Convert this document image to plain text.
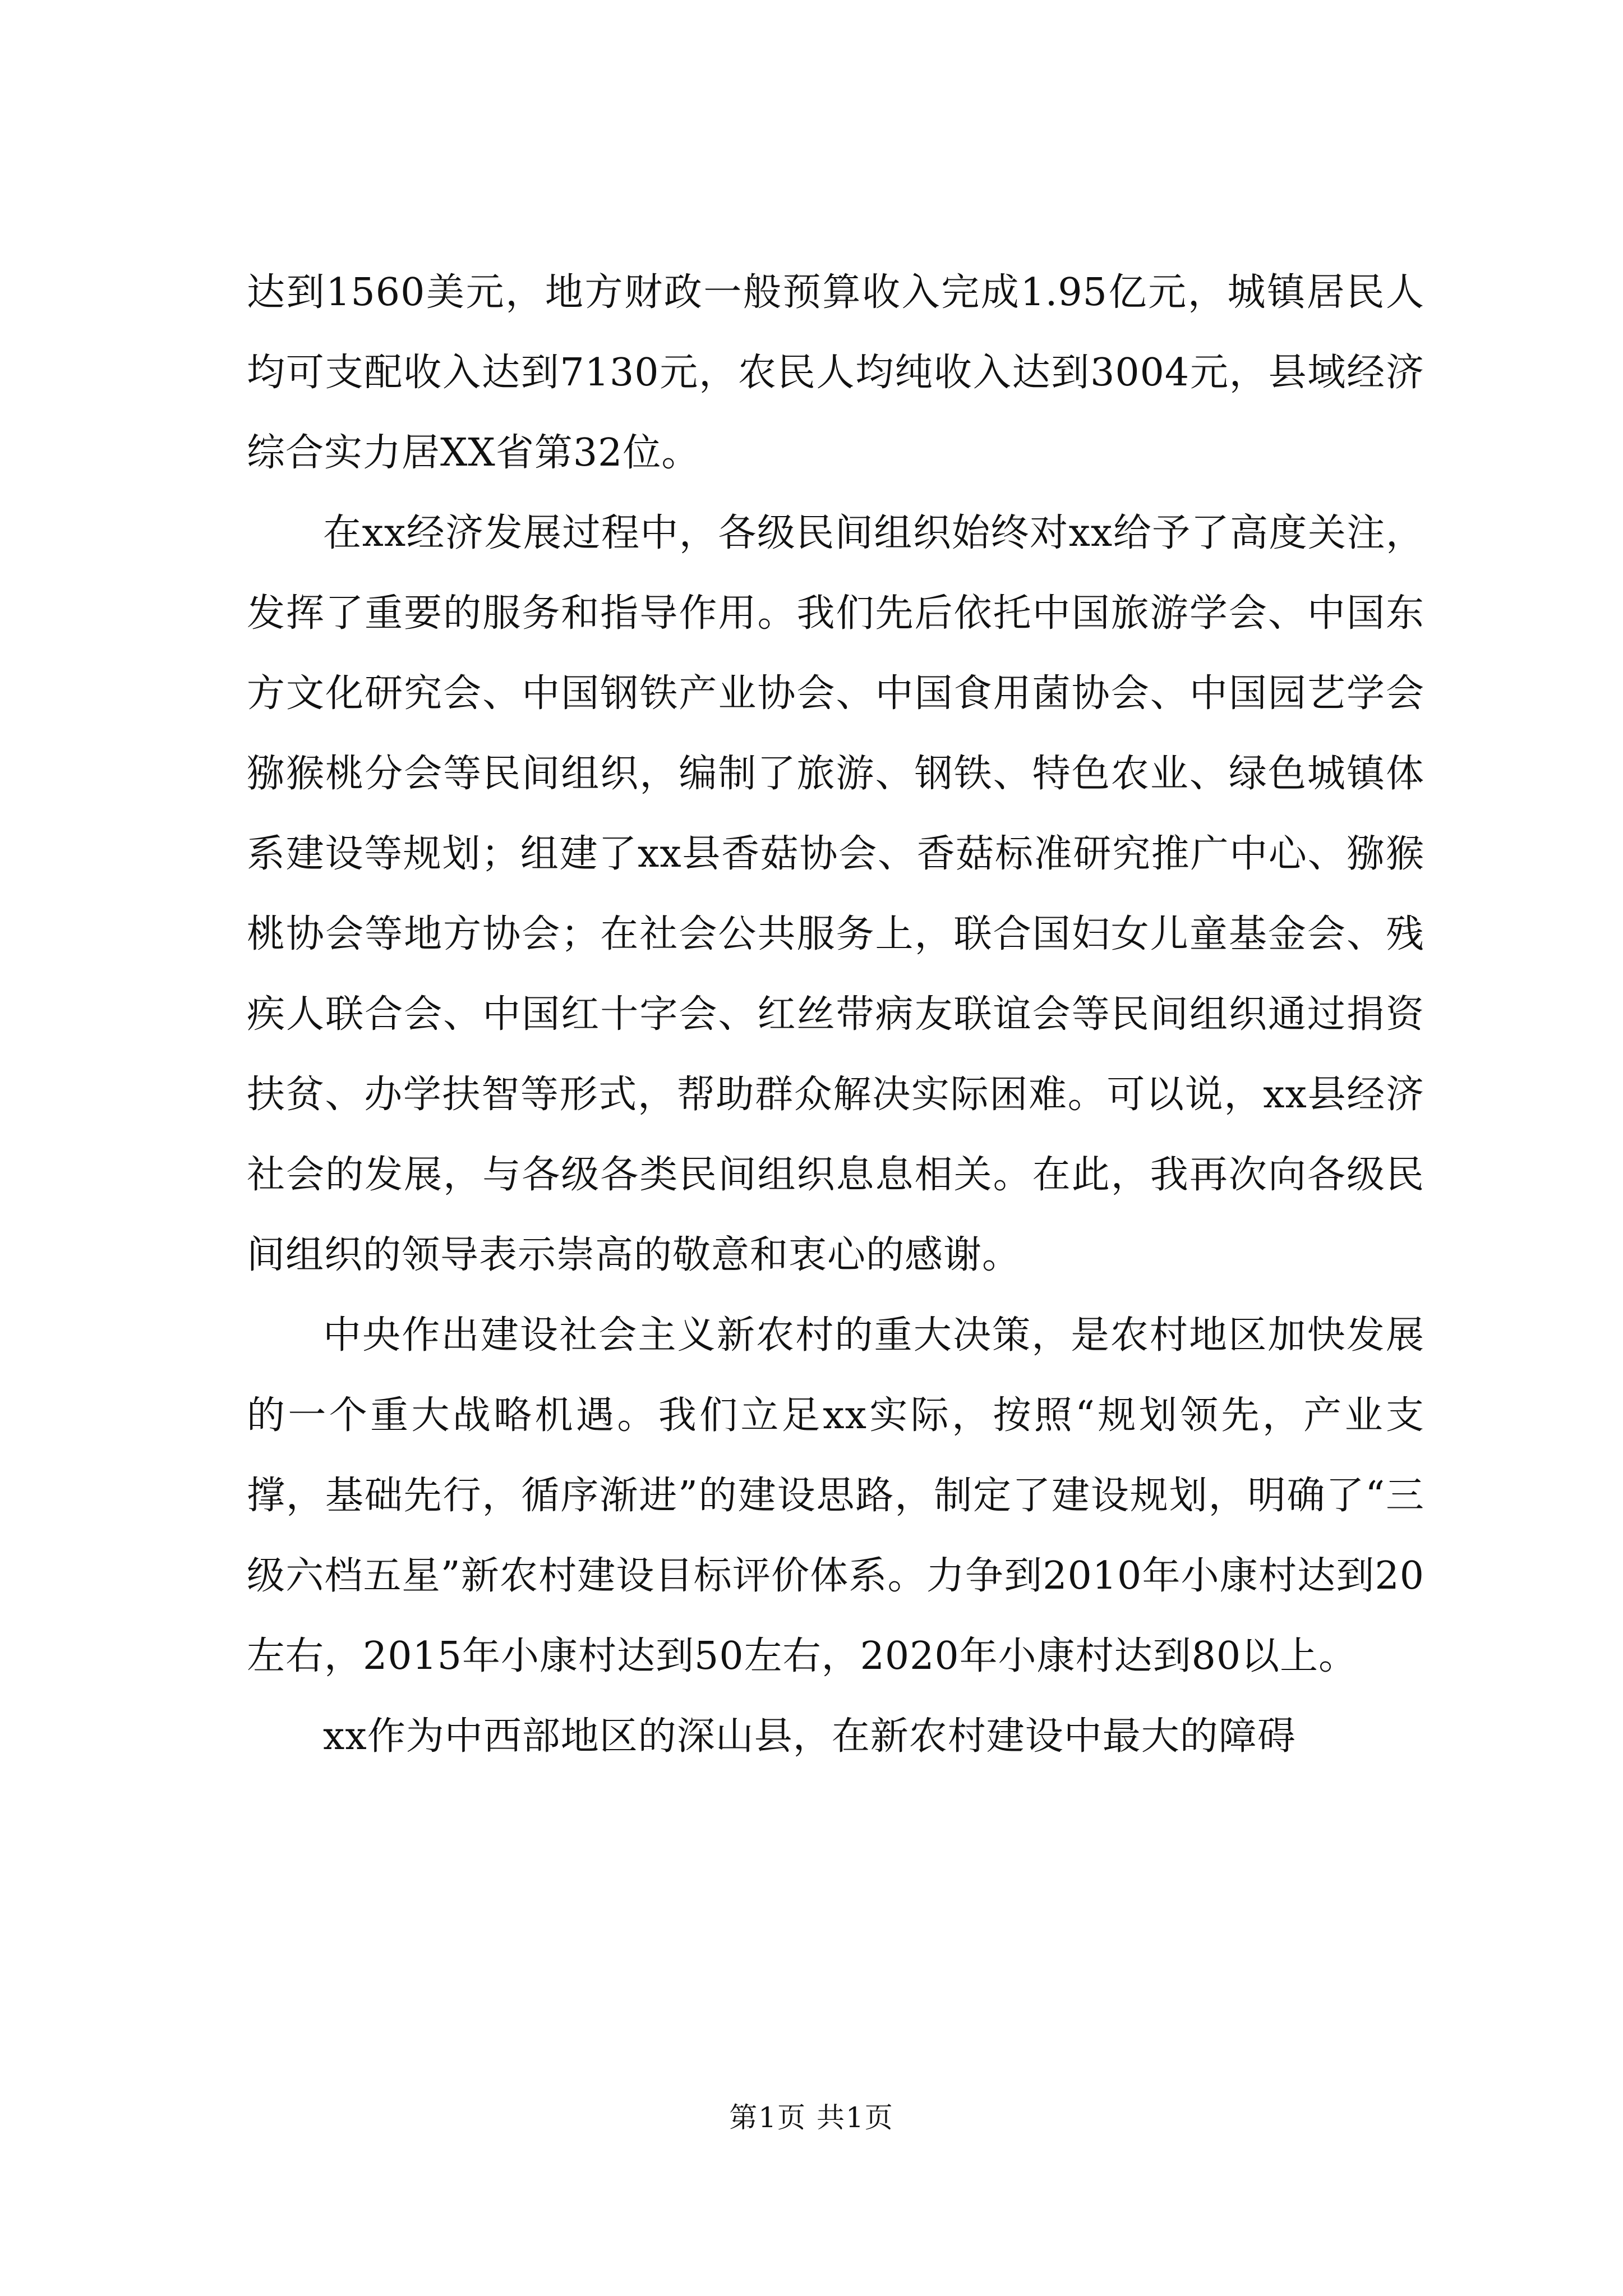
达到1560美元，地方财政一般预算收入完成1.95亿元，城镇居民人均可支配收入达到7130元，农民人均纯收入达到3004元，县域经济综合实力居XX省第32位。

在xx经济发展过程中，各级民间组织始终对xx给予了高度关注，发挥了重要的服务和指导作用。我们先后依托中国旅游学会、中国东方文化研究会、中国钢铁产业协会、中国食用菌协会、中国园艺学会猕猴桃分会等民间组织，编制了旅游、钢铁、特色农业、绿色城镇体系建设等规划；组建了xx县香菇协会、香菇标准研究推广中心、猕猴桃协会等地方协会；在社会公共服务上，联合国妇女儿童基金会、残疾人联合会、中国红十字会、红丝带病友联谊会等民间组织通过捐资扶贫、办学扶智等形式，帮助群众解决实际困难。可以说，xx县经济社会的发展，与各级各类民间组织息息相关。在此，我再次向各级民间组织的领导表示崇高的敬意和衷心的感谢。

中央作出建设社会主义新农村的重大决策，是农村地区加快发展的一个重大战略机遇。我们立足xx实际，按照“规划领先，产业支撑，基础先行，循序渐进”的建设思路，制定了建设规划，明确了“三级六档五星”新农村建设目标评价体系。力争到2010年小康村达到20左右，2015年小康村达到50左右，2020年小康村达到80以上。

xx作为中西部地区的深山县，在新农村建设中最大的障碍

第1页 共1页
